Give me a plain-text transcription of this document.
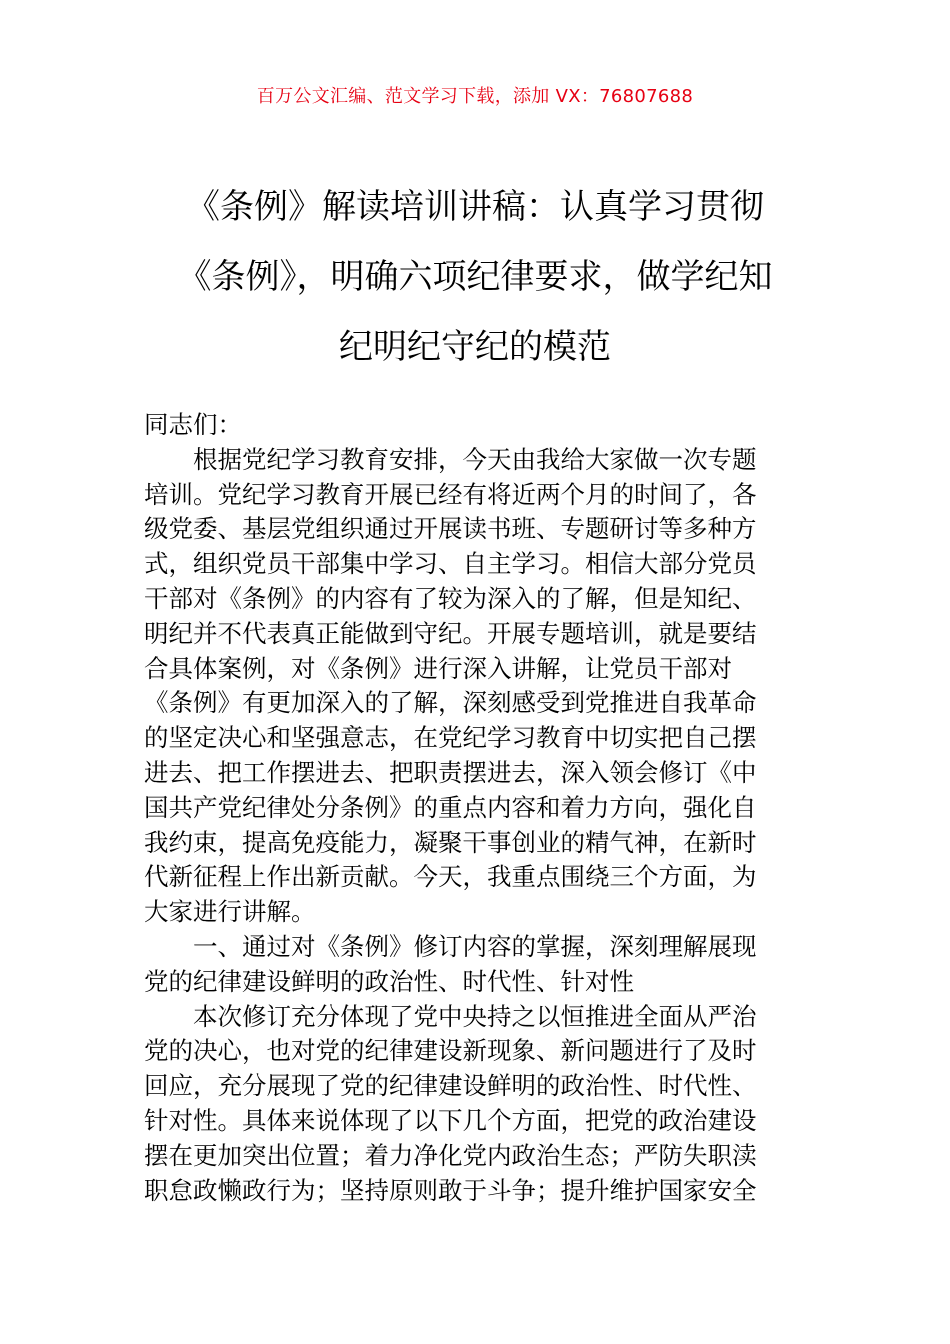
百万公文汇编、范文学习下载，添加 VX：76807688
《条例》解读培训讲稿：认真学习贯彻
《条例》，明确六项纪律要求，做学纪知
纪明纪守纪的模范

同志们：

根据党纪学习教育安排，今天由我给大家做一次专题
培训。党纪学习教育开展已经有将近两个月的时间了，各
级党委、基层党组织通过开展读书班、专题研讨等多种方
式，组织党员干部集中学习、自主学习。相信大部分党员
干部对《条例》的内容有了较为深入的了解，但是知纪、
明纪并不代表真正能做到守纪。开展专题培训，就是要结
合具体案例，对《条例》进行深入讲解，让党员干部对
《条例》有更加深入的了解，深刻感受到党推进自我革命
的坚定决心和坚强意志，在党纪学习教育中切实把自己摆
进去、把工作摆进去、把职责摆进去，深入领会修订《中
国共产党纪律处分条例》的重点内容和着力方向，强化自
我约束，提高免疫能力，凝聚干事创业的精气神，在新时
代新征程上作出新贡献。今天，我重点围绕三个方面，为
大家进行讲解。

一、通过对《条例》修订内容的掌握，深刻理解展现
党的纪律建设鲜明的政治性、时代性、针对性

本次修订充分体现了党中央持之以恒推进全面从严治
党的决心，也对党的纪律建设新现象、新问题进行了及时
回应，充分展现了党的纪律建设鲜明的政治性、时代性、
针对性。具体来说体现了以下几个方面，把党的政治建设
摆在更加突出位置；着力净化党内政治生态；严防失职渎
职怠政懒政行为；坚持原则敢于斗争；提升维护国家安全
